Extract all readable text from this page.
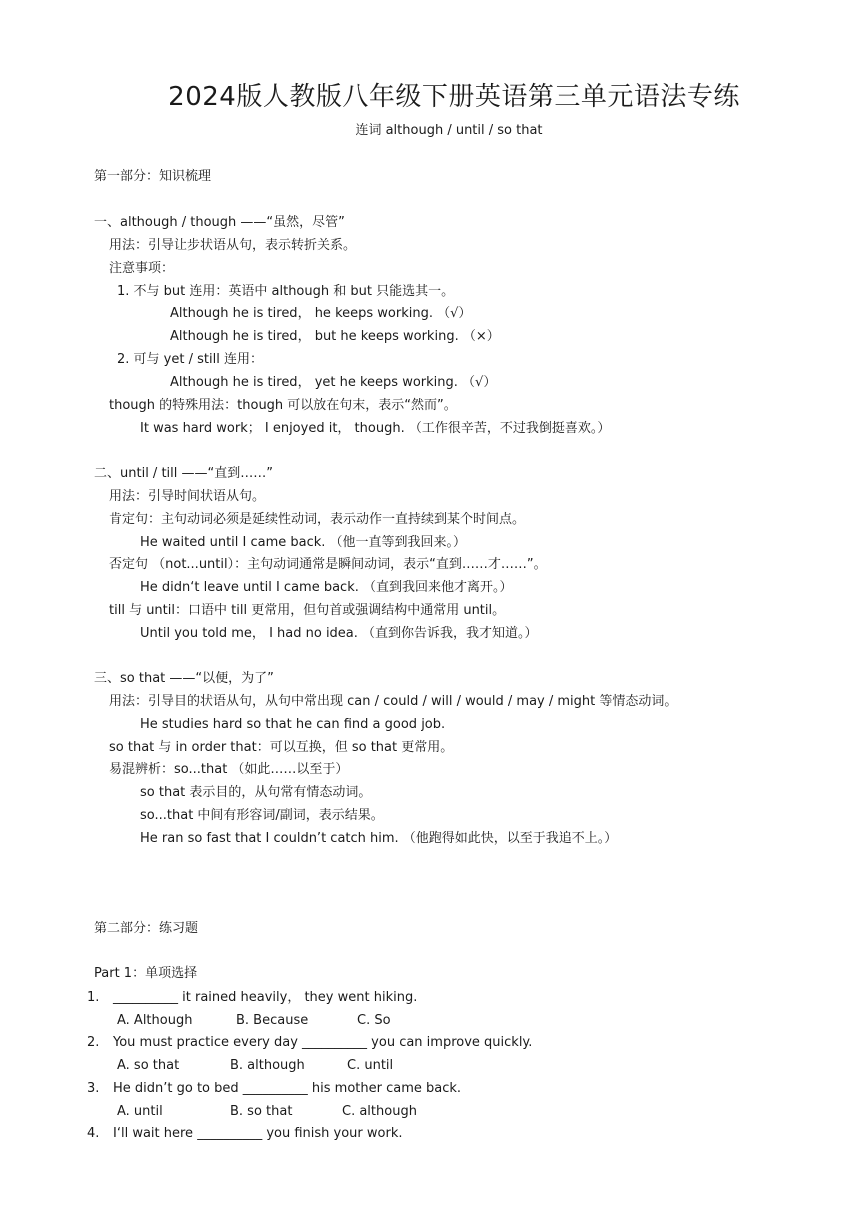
2024版人教版八年级下册英语第三单元语法专练
连词 although / until / so that
第一部分：知识梳理
一、although / though ——“虽然，尽管”
用法：引导让步状语从句，表示转折关系。
注意事项：
1. 不与 but 连用：英语中 although 和 but 只能选其一。
Although he is tired， he keeps working. （√）
Although he is tired， but he keeps working. （×）
2. 可与 yet / still 连用：
Although he is tired， yet he keeps working. （√）
though 的特殊用法：though 可以放在句末，表示“然而”。
It was hard work； I enjoyed it， though. （工作很辛苦，不过我倒挺喜欢。）
二、until / till ——“直到……”
用法：引导时间状语从句。
肯定句：主句动词必须是延续性动词，表示动作一直持续到某个时间点。
He waited until I came back. （他一直等到我回来。）
否定句 （not...until）：主句动词通常是瞬间动词，表示“直到……才……”。
He didn‘t leave until I came back. （直到我回来他才离开。）
till 与 until：口语中 till 更常用，但句首或强调结构中通常用 until。
Until you told me， I had no idea. （直到你告诉我，我才知道。）
三、so that ——“以便，为了”
用法：引导目的状语从句，从句中常出现 can / could / will / would / may / might 等情态动词。
He studies hard so that he can find a good job.
so that 与 in order that：可以互换，但 so that 更常用。
易混辨析：so...that （如此……以至于）
so that 表示目的，从句常有情态动词。
so...that 中间有形容词/副词，表示结果。
He ran so fast that I couldn’t catch him. （他跑得如此快，以至于我追不上。）
第二部分：练习题
Part 1：单项选择
1. __________ it rained heavily， they went hiking.
A. Although	B. Because	C. So
2. You must practice every day __________ you can improve quickly.
A. so that	B. although	C. until
3. He didn’t go to bed __________ his mother came back.
A. until	B. so that	C. although
4. I‘ll wait here __________ you finish your work.
